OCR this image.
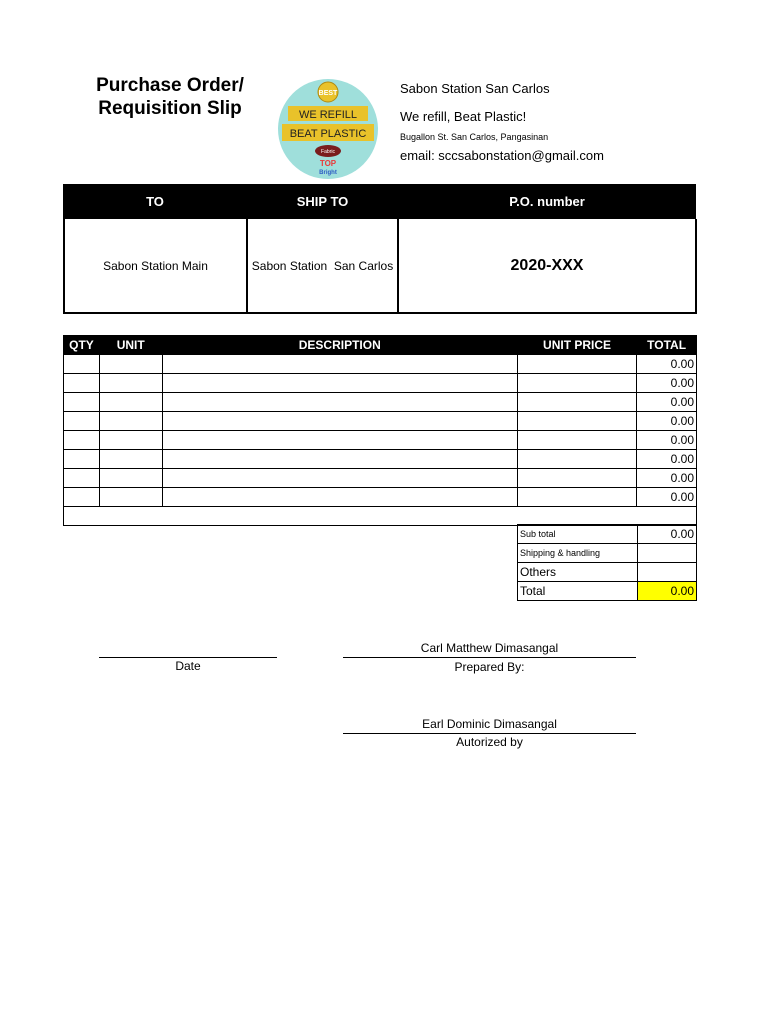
Purchase Order/
Requisition Slip
BEST
WE REFILL
BEAT PLASTIC
Fabric
TOP
Bright
Sabon Station San Carlos
We refill, Beat Plastic!
Bugallon St. San Carlos, Pangasinan
email: sccsabonstation@gmail.com
TO	SHIP TO	P.O. number
Sabon Station Main	Sabon Station  San Carlos	2020-XXX
QTY	UNIT	DESCRIPTION	UNIT PRICE	TOTAL
				0.00
				0.00
				0.00
				0.00
				0.00
				0.00
				0.00
				0.00

Sub total	0.00
Shipping & handling	
Others	
Total	0.00
Date
Carl Matthew Dimasangal
Prepared By:
Earl Dominic Dimasangal
Autorized by
